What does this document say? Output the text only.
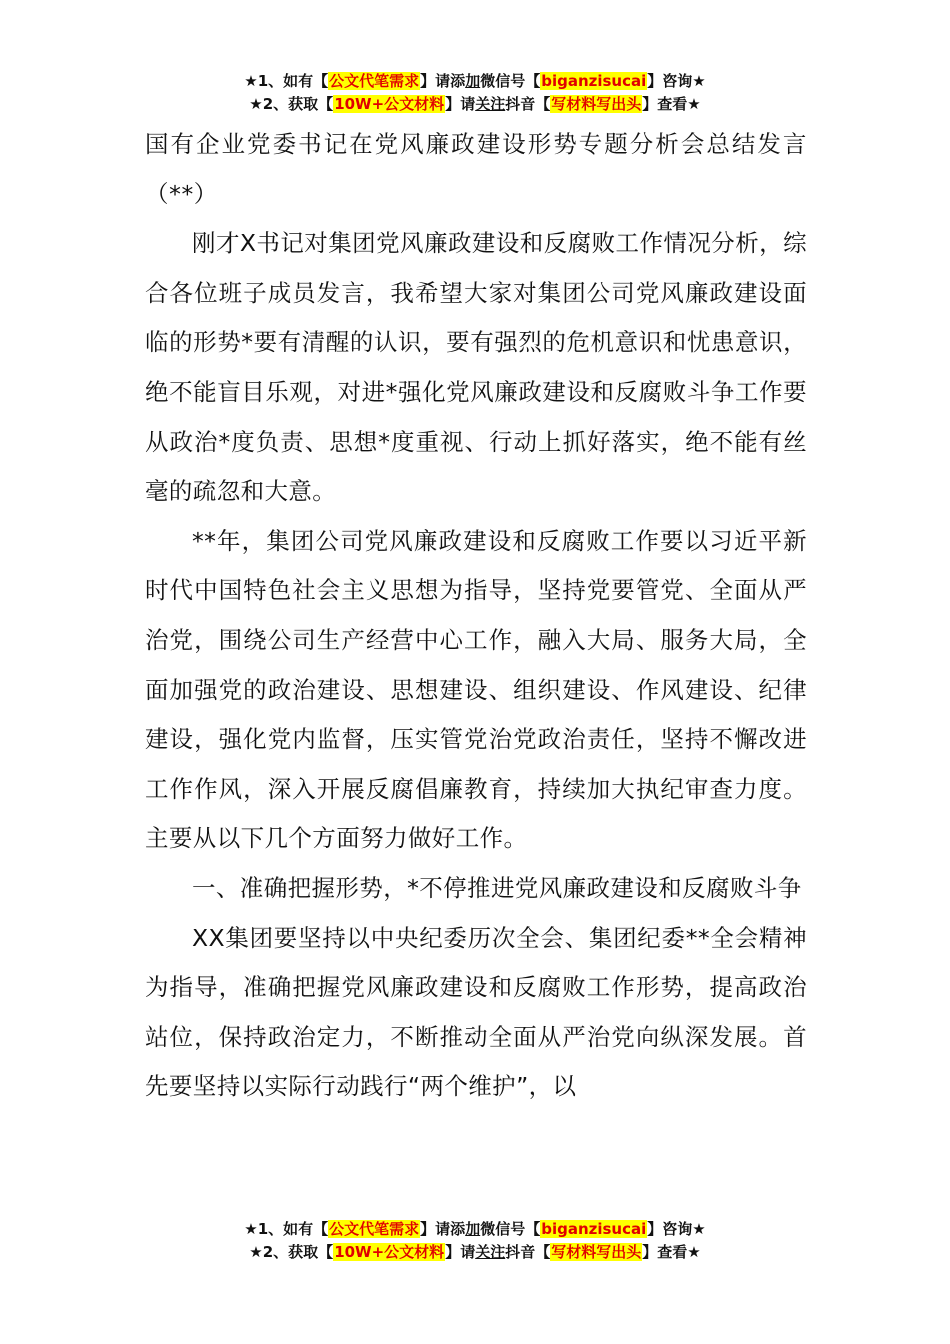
★1、如有【公文代笔需求】请添加微信号【biganzisucai】咨询★
★2、获取【10W+公文材料】请关注抖音【写材料写出头】查看★

国有企业党委书记在党风廉政建设形势专题分析会总结发言（**）

刚才X书记对集团党风廉政建设和反腐败工作情况分析，综合各位班子成员发言，我希望大家对集团公司党风廉政建设面临的形势*要有清醒的认识，要有强烈的危机意识和忧患意识，绝不能盲目乐观，对进*强化党风廉政建设和反腐败斗争工作要从政治*度负责、思想*度重视、行动上抓好落实，绝不能有丝毫的疏忽和大意。

**年，集团公司党风廉政建设和反腐败工作要以习近平新时代中国特色社会主义思想为指导，坚持党要管党、全面从严治党，围绕公司生产经营中心工作，融入大局、服务大局，全面加强党的政治建设、思想建设、组织建设、作风建设、纪律建设，强化党内监督，压实管党治党政治责任，坚持不懈改进工作作风，深入开展反腐倡廉教育，持续加大执纪审查力度。主要从以下几个方面努力做好工作。

一、准确把握形势，*不停推进党风廉政建设和反腐败斗争

XX集团要坚持以中央纪委历次全会、集团纪委**全会精神为指导，准确把握党风廉政建设和反腐败工作形势，提高政治站位，保持政治定力，不断推动全面从严治党向纵深发展。首先要坚持以实际行动践行“两个维护”，以

★1、如有【公文代笔需求】请添加微信号【biganzisucai】咨询★
★2、获取【10W+公文材料】请关注抖音【写材料写出头】查看★
